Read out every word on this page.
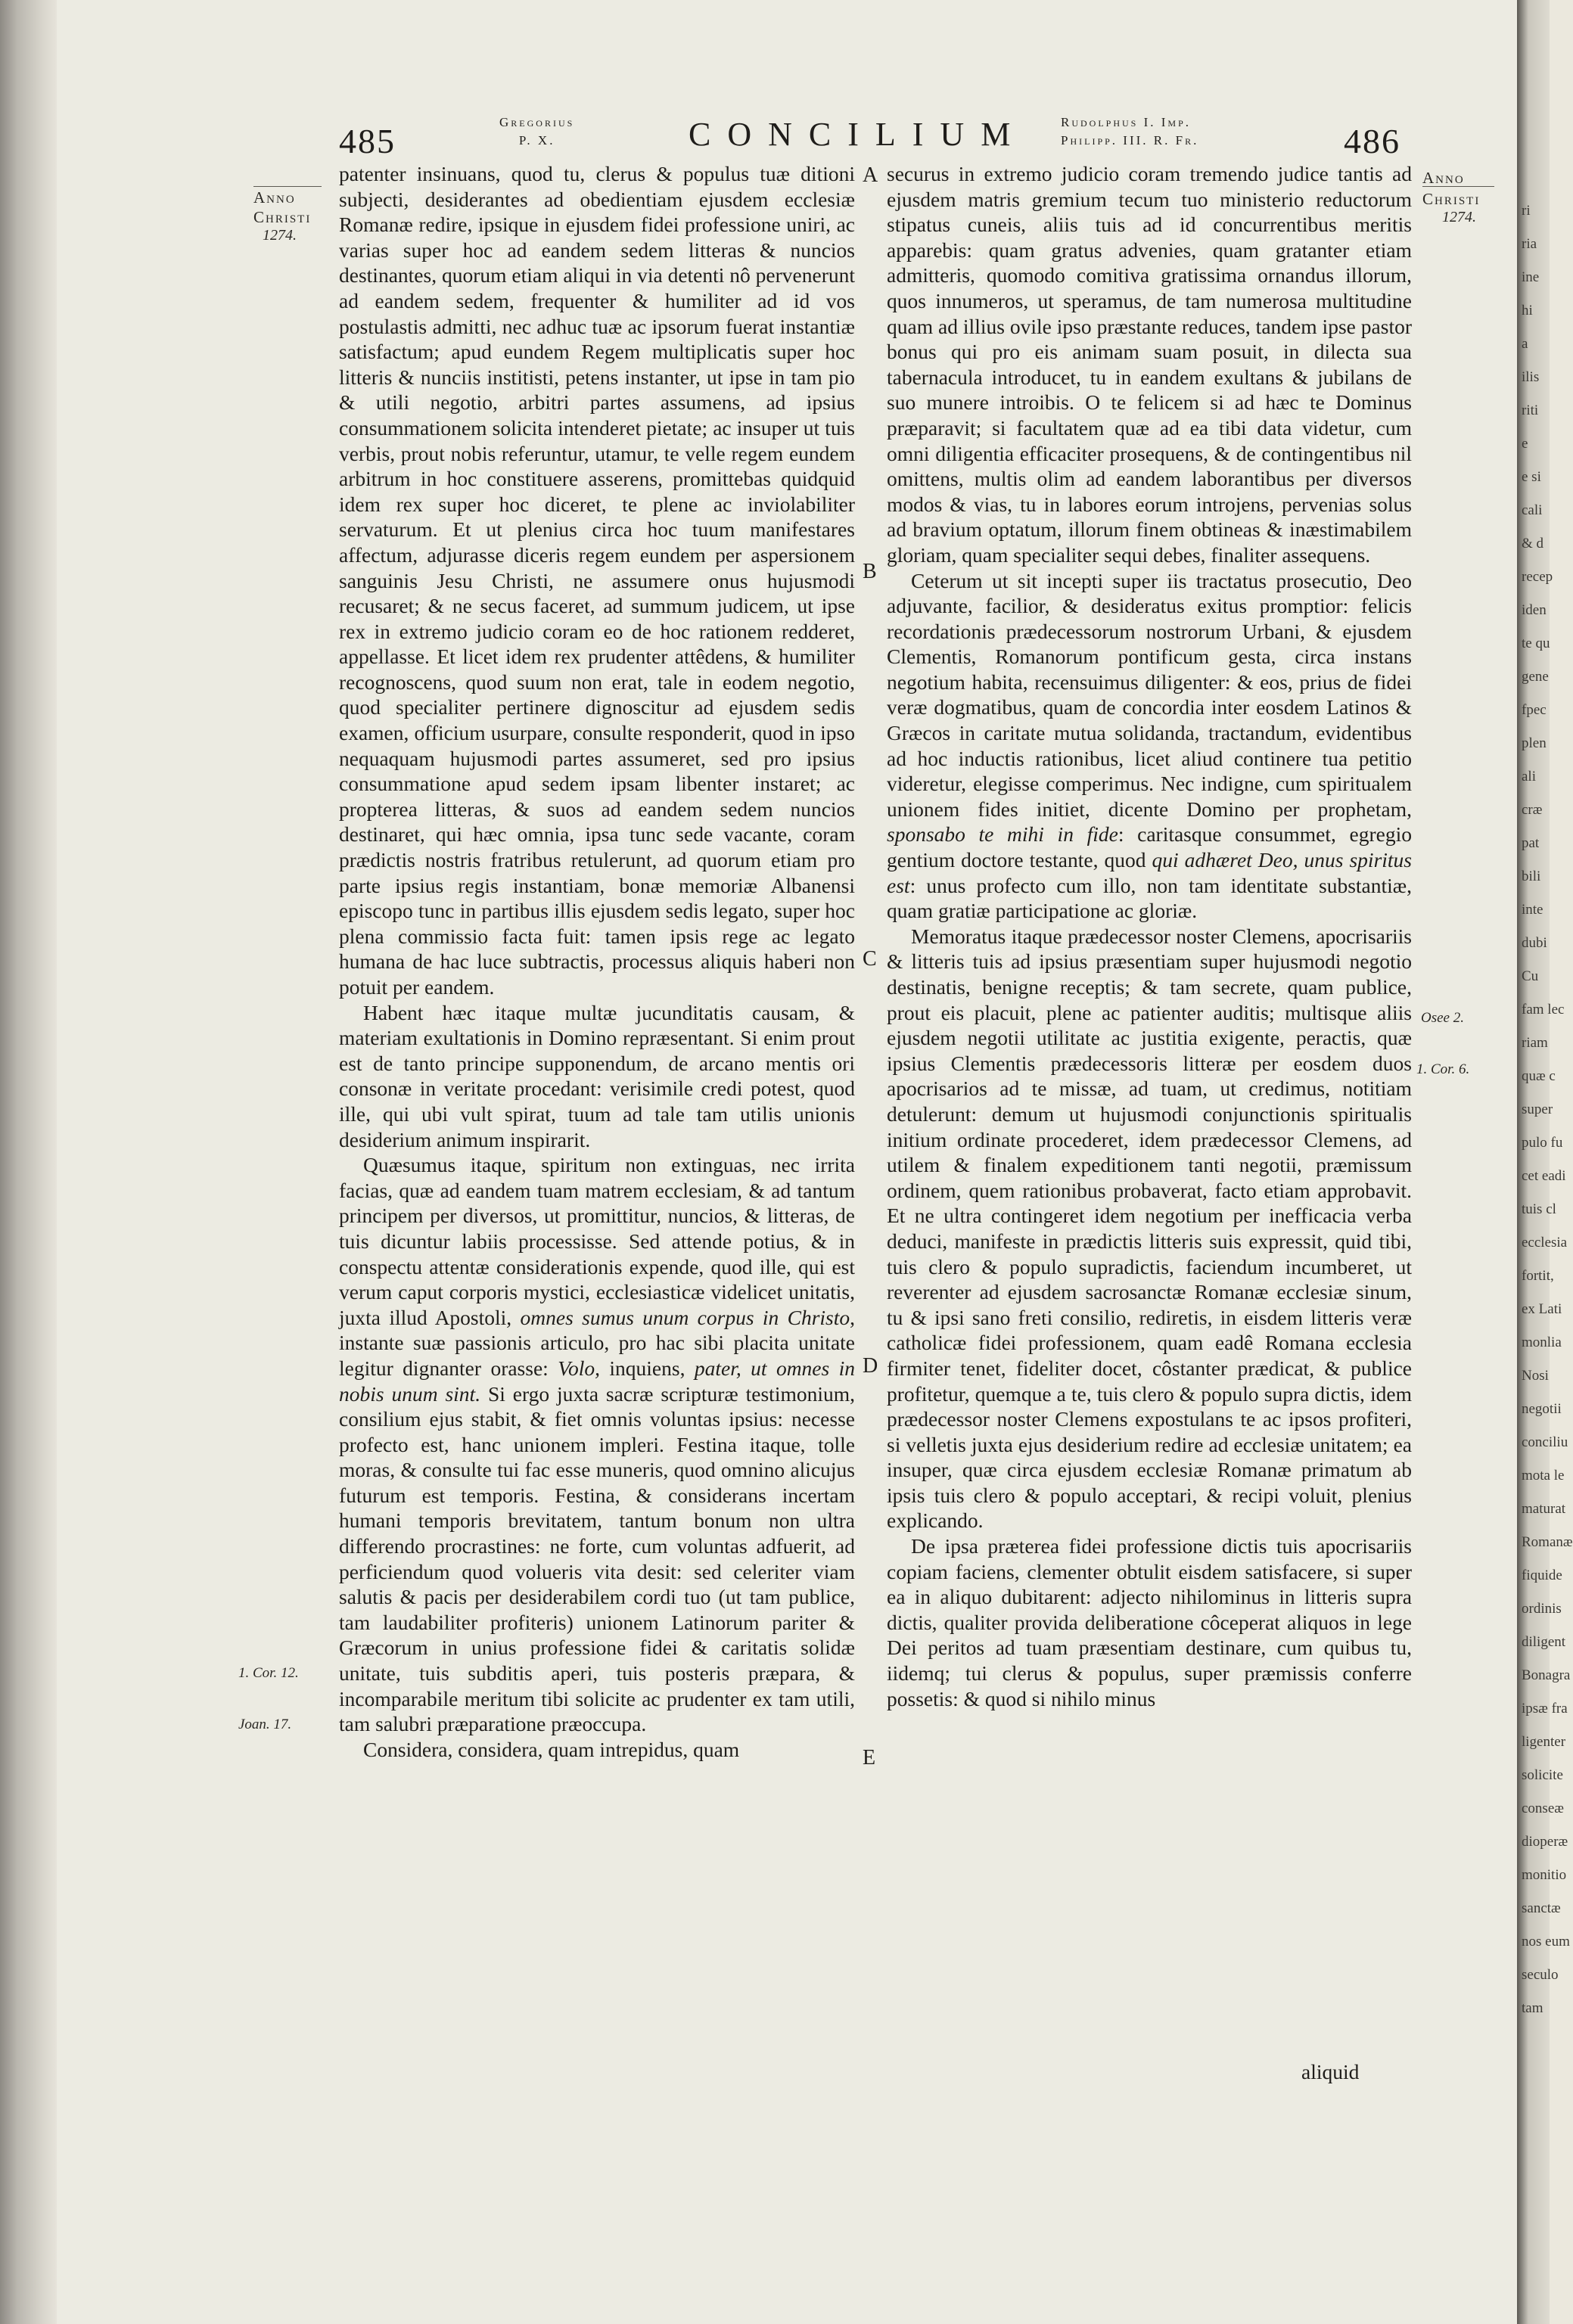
485	Gregorius
P. X.	CONCILIUM	Rudolphus I. Imp.
Philipp. III. R. Fr.	486
Anno
Christi
1274.
1. Cor. 12.
Joan. 17.

patenter insinuans, quod tu, clerus & populus tuæ ditioni subjecti, desiderantes ad obedientiam ejusdem ecclesiæ Romanæ redire, ipsique in ejusdem fidei professione uniri, ac varias super hoc ad eandem sedem litteras & nuncios destinantes, quorum etiam aliqui in via detenti nô pervenerunt ad eandem sedem, frequenter & humiliter ad id vos postulastis admitti, nec adhuc tuæ ac ipsorum fuerat instantiæ satisfactum; apud eundem Regem multiplicatis super hoc litteris & nunciis institisti, petens instanter, ut ipse in tam pio & utili negotio, arbitri partes assumens, ad ipsius consummationem solicita intenderet pietate; ac insuper ut tuis verbis, prout nobis referuntur, utamur, te velle regem eundem arbitrum in hoc constituere asserens, promittebas quidquid idem rex super hoc diceret, te plene ac inviolabiliter servaturum. Et ut plenius circa hoc tuum manifestares affectum, adjurasse diceris regem eundem per aspersionem sanguinis Jesu Christi, ne assumere onus hujusmodi recusaret; & ne secus faceret, ad summum judicem, ut ipse rex in extremo judicio coram eo de hoc rationem redderet, appellasse. Et licet idem rex prudenter attêdens, & humiliter recognoscens, quod suum non erat, tale in eodem negotio, quod specialiter pertinere dignoscitur ad ejusdem sedis examen, officium usurpare, consulte responderit, quod in ipso nequaquam hujusmodi partes assumeret, sed pro ipsius consummatione apud sedem ipsam libenter instaret; ac propterea litteras, & suos ad eandem sedem nuncios destinaret, qui hæc omnia, ipsa tunc sede vacante, coram prædictis nostris fratribus retulerunt, ad quorum etiam pro parte ipsius regis instantiam, bonæ memoriæ Albanensi episcopo tunc in partibus illis ejusdem sedis legato, super hoc plena commissio facta fuit: tamen ipsis rege ac legato humana de hac luce subtractis, processus aliquis haberi non potuit per eandem.

Habent hæc itaque multæ jucunditatis causam, & materiam exultationis in Domino repræsentant. Si enim prout est de tanto principe supponendum, de arcano mentis ori consonæ in veritate procedant: verisimile credi potest, quod ille, qui ubi vult spirat, tuum ad tale tam utilis unionis desiderium animum inspirarit.

Quæsumus itaque, spiritum non extinguas, nec irrita facias, quæ ad eandem tuam matrem ecclesiam, & ad tantum principem per diversos, ut promittitur, nuncios, & litteras, de tuis dicuntur labiis processisse. Sed attende potius, & in conspectu attentæ considerationis expende, quod ille, qui est verum caput corporis mystici, ecclesiasticæ videlicet unitatis, juxta illud Apostoli, omnes sumus unum corpus in Christo, instante suæ passionis articulo, pro hac sibi placita unitate legitur dignanter orasse: Volo, inquiens, pater, ut omnes in nobis unum sint. Si ergo juxta sacræ scripturæ testimonium, consilium ejus stabit, & fiet omnis voluntas ipsius: necesse profecto est, hanc unionem impleri. Festina itaque, tolle moras, & consulte tui fac esse muneris, quod omnino alicujus futurum est temporis. Festina, & considerans incertam humani temporis brevitatem, tantum bonum non ultra differendo procrastines: ne forte, cum voluntas adfuerit, ad perficiendum quod volueris vita desit: sed celeriter viam salutis & pacis per desiderabilem cordi tuo (ut tam publice, tam laudabiliter profiteris) unionem Latinorum pariter & Græcorum in unius professione fidei & caritatis solidæ unitate, tuis subditis aperi, tuis posteris præpara, & incomparabile meritum tibi solicite ac prudenter ex tam utili, tam salubri præparatione præoccupa.

Considera, considera, quam intrepidus, quam

A
B
C
D
E

securus in extremo judicio coram tremendo judice tantis ad ejusdem matris gremium tecum tuo ministerio reductorum stipatus cuneis, aliis tuis ad id concurrentibus meritis apparebis: quam gratus advenies, quam gratanter etiam admitteris, quomodo comitiva gratissima ornandus illorum, quos innumeros, ut speramus, de tam numerosa multitudine quam ad illius ovile ipso præstante reduces, tandem ipse pastor bonus qui pro eis animam suam posuit, in dilecta sua tabernacula introducet, tu in eandem exultans & jubilans de suo munere introibis. O te felicem si ad hæc te Dominus præparavit; si facultatem quæ ad ea tibi data videtur, cum omni diligentia efficaciter prosequens, & de contingentibus nil omittens, multis olim ad eandem laborantibus per diversos modos & vias, tu in labores eorum introjens, pervenias solus ad bravium optatum, illorum finem obtineas & inæstimabilem gloriam, quam specialiter sequi debes, finaliter assequens.

Ceterum ut sit incepti super iis tractatus prosecutio, Deo adjuvante, facilior, & desideratus exitus promptior: felicis recordationis prædecessorum nostrorum Urbani, & ejusdem Clementis, Romanorum pontificum gesta, circa instans negotium habita, recensuimus diligenter: & eos, prius de fidei veræ dogmatibus, quam de concordia inter eosdem Latinos & Græcos in caritate mutua solidanda, tractandum, evidentibus ad hoc inductis rationibus, licet aliud continere tua petitio videretur, elegisse comperimus. Nec indigne, cum spiritualem unionem fides initiet, dicente Domino per prophetam, sponsabo te mihi in fide: caritasque consummet, egregio gentium doctore testante, quod qui adhæret Deo, unus spiritus est: unus profecto cum illo, non tam identitate substantiæ, quam gratiæ participatione ac gloriæ.

Memoratus itaque prædecessor noster Clemens, apocrisariis & litteris tuis ad ipsius præsentiam super hujusmodi negotio destinatis, benigne receptis; & tam secrete, quam publice, prout eis placuit, plene ac patienter auditis; multisque aliis ejusdem negotii utilitate ac justitia exigente, peractis, quæ ipsius Clementis prædecessoris litteræ per eosdem duos apocrisarios ad te missæ, ad tuam, ut credimus, notitiam detulerunt: demum ut hujusmodi conjunctionis spiritualis initium ordinate procederet, idem prædecessor Clemens, ad utilem & finalem expeditionem tanti negotii, præmissum ordinem, quem rationibus probaverat, facto etiam approbavit. Et ne ultra contingeret idem negotium per inefficacia verba deduci, manifeste in prædictis litteris suis expressit, quid tibi, tuis clero & populo supradictis, faciendum incumberet, ut reverenter ad ejusdem sacrosanctæ Romanæ ecclesiæ sinum, tu & ipsi sano freti consilio, rediretis, in eisdem litteris veræ catholicæ fidei professionem, quam eadê Romana ecclesia firmiter tenet, fideliter docet, côstanter prædicat, & publice profitetur, quemque a te, tuis clero & populo supra dictis, idem prædecessor noster Clemens expostulans te ac ipsos profiteri, si velletis juxta ejus desiderium redire ad ecclesiæ unitatem; ea insuper, quæ circa ejusdem ecclesiæ Romanæ primatum ab ipsis tuis clero & populo acceptari, & recipi voluit, plenius explicando.

De ipsa præterea fidei professione dictis tuis apocrisariis copiam faciens, clementer obtulit eisdem satisfacere, si super ea in aliquo dubitarent: adjecto nihilominus in litteris supra dictis, qualiter provida deliberatione côceperat aliquos in lege Dei peritos ad tuam præsentiam destinare, cum quibus tu, iidemq; tui clerus & populus, super præmissis conferre possetis: & quod si nihilo minus

aliquid
Anno
Christi
1274.
Osee 2.
1. Cor. 6.
ri
ria
ine
hi
a
ilis
riti
e
e si
cali
& d
recep
iden
te qu
gene
fpec
plen
ali
cræ
pat
bili
inte
dubi
Cu
fam lec
riam
quæ c
super
pulo fu
cet eadi
tuis cl
ecclesia
fortit,
ex Lati
monlia
Nosi
negotii
conciliu
mota le
maturat
Romanæ
fiquide
ordinis
diligent
Bonagra
ipsæ fra
ligenter
solicite
conseæ
dioperæ
monitio
sanctæ
nos eum
seculo
tam
